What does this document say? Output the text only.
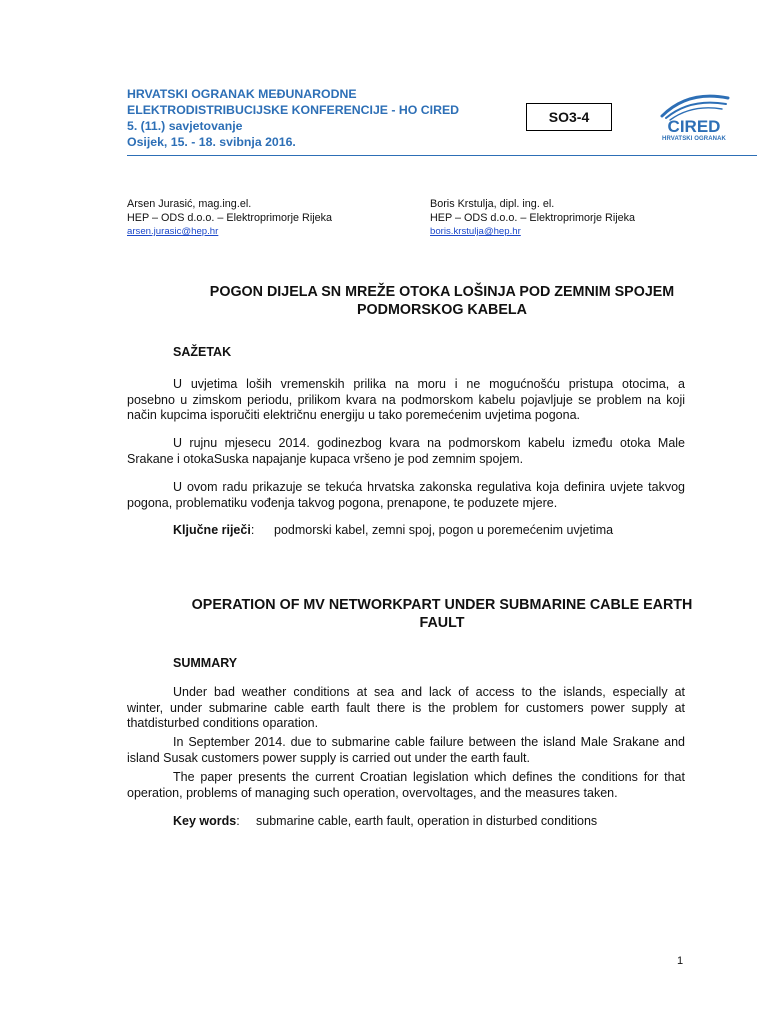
HRVATSKI OGRANAK MEĐUNARODNE
ELEKTRODISTRIBUCIJSKE KONFERENCIJE - HO CIRED
5. (11.) savjetovanje
Osijek, 15. - 18. svibnja 2016.
SO3-4	CIRED
HRVATSKI OGRANAK
Arsen Jurasić, mag.ing.el.
HEP – ODS d.o.o. – Elektroprimorje Rijeka
arsen.jurasic@hep.hr
Boris Krstulja, dipl. ing. el.
HEP – ODS d.o.o. – Elektroprimorje Rijeka
boris.krstulja@hep.hr
POGON DIJELA SN MREŽE OTOKA LOŠINJA POD ZEMNIM SPOJEM
PODMORSKOG KABELA
SAŽETAK
U uvjetima loših vremenskih prilika na moru i ne mogućnošću pristupa otocima, a
posebno u zimskom periodu, prilikom kvara na podmorskom kabelu pojavljuje se problem na koji
način kupcima isporučiti električnu energiju u tako poremećenim uvjetima pogona.
U rujnu mjesecu 2014. godinezbog kvara na podmorskom kabelu između otoka Male
Srakane i otokaSuska napajanje kupaca vršeno je pod zemnim spojem.
U ovom radu prikazuje se tekuća hrvatska zakonska regulativa koja definira uvjete takvog
pogona, problematiku vođenja takvog pogona, prenapone, te poduzete mjere.
Ključne riječi: podmorski kabel, zemni spoj, pogon u poremećenim uvjetima
OPERATION OF MV NETWORKPART UNDER SUBMARINE CABLE EARTH
FAULT
SUMMARY
Under bad weather conditions at sea and lack of access to the islands, especially at
winter, under submarine cable earth fault there is the problem for customers power supply at
thatdisturbed conditions oparation.
In September 2014. due to submarine cable failure between the island Male Srakane and
island Susak customers power supply is carried out under the earth fault.
The paper presents the current Croatian legislation which defines the conditions for that
operation, problems of managing such operation, overvoltages, and the measures taken.
Key words: submarine cable, earth fault, operation in disturbed conditions
1
